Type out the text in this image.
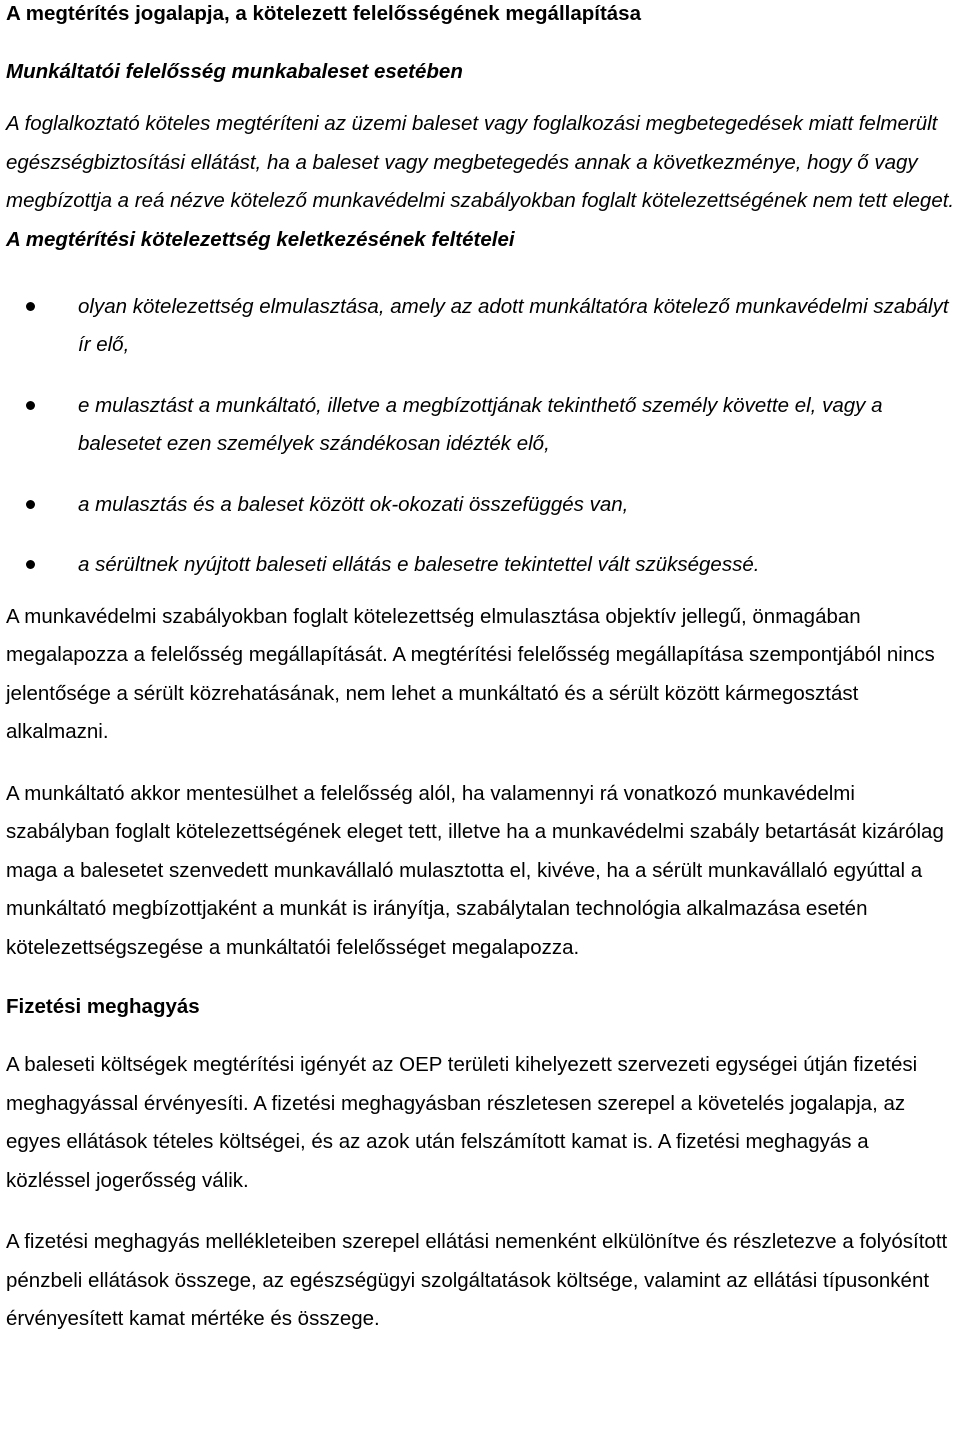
A megtérítés jogalapja, a kötelezett felelősségének megállapítása
Munkáltatói felelősség munkabaleset esetében

A foglalkoztató köteles megtéríteni az üzemi baleset vagy foglalkozási megbetegedések miatt felmerült egészségbiztosítási ellátást, ha a baleset vagy megbetegedés annak a következménye, hogy ő vagy megbízottja a reá nézve kötelező munkavédelmi szabályokban foglalt kötelezettségének nem tett eleget.

A megtérítési kötelezettség keletkezésének feltételei
olyan kötelezettség elmulasztása, amely az adott munkáltatóra kötelező munkavédelmi szabályt ír elő,
e mulasztást a munkáltató, illetve a megbízottjának tekinthető személy követte el, vagy a balesetet ezen személyek szándékosan idézték elő,
a mulasztás és a baleset között ok-okozati összefüggés van,
a sérültnek nyújtott baleseti ellátás e balesetre tekintettel vált szükségessé.

A munkavédelmi szabályokban foglalt kötelezettség elmulasztása objektív jellegű, önmagában megalapozza a felelősség megállapítását. A megtérítési felelősség megállapítása szempontjából nincs jelentősége a sérült közrehatásának, nem lehet a munkáltató és a sérült között kármegosztást alkalmazni.

A munkáltató akkor mentesülhet a felelősség alól, ha valamennyi rá vonatkozó munkavédelmi szabályban foglalt kötelezettségének eleget tett, illetve ha a munkavédelmi szabály betartását kizárólag maga a balesetet szenvedett munkavállaló mulasztotta el, kivéve, ha a sérült munkavállaló egyúttal a munkáltató megbízottjaként a munkát is irányítja, szabálytalan technológia alkalmazása esetén kötelezettségszegése a munkáltatói felelősséget megalapozza.

Fizetési meghagyás

A baleseti költségek megtérítési igényét az OEP területi kihelyezett szervezeti egységei útján fizetési meghagyással érvényesíti. A fizetési meghagyásban részletesen szerepel a követelés jogalapja, az egyes ellátások tételes költségei, és az azok után felszámított kamat is. A fizetési meghagyás a közléssel jogerősség válik.

A fizetési meghagyás mellékleteiben szerepel ellátási nemenként elkülönítve és részletezve a folyósított pénzbeli ellátások összege, az egészségügyi szolgáltatások költsége, valamint az ellátási típusonként érvényesített kamat mértéke és összege.
